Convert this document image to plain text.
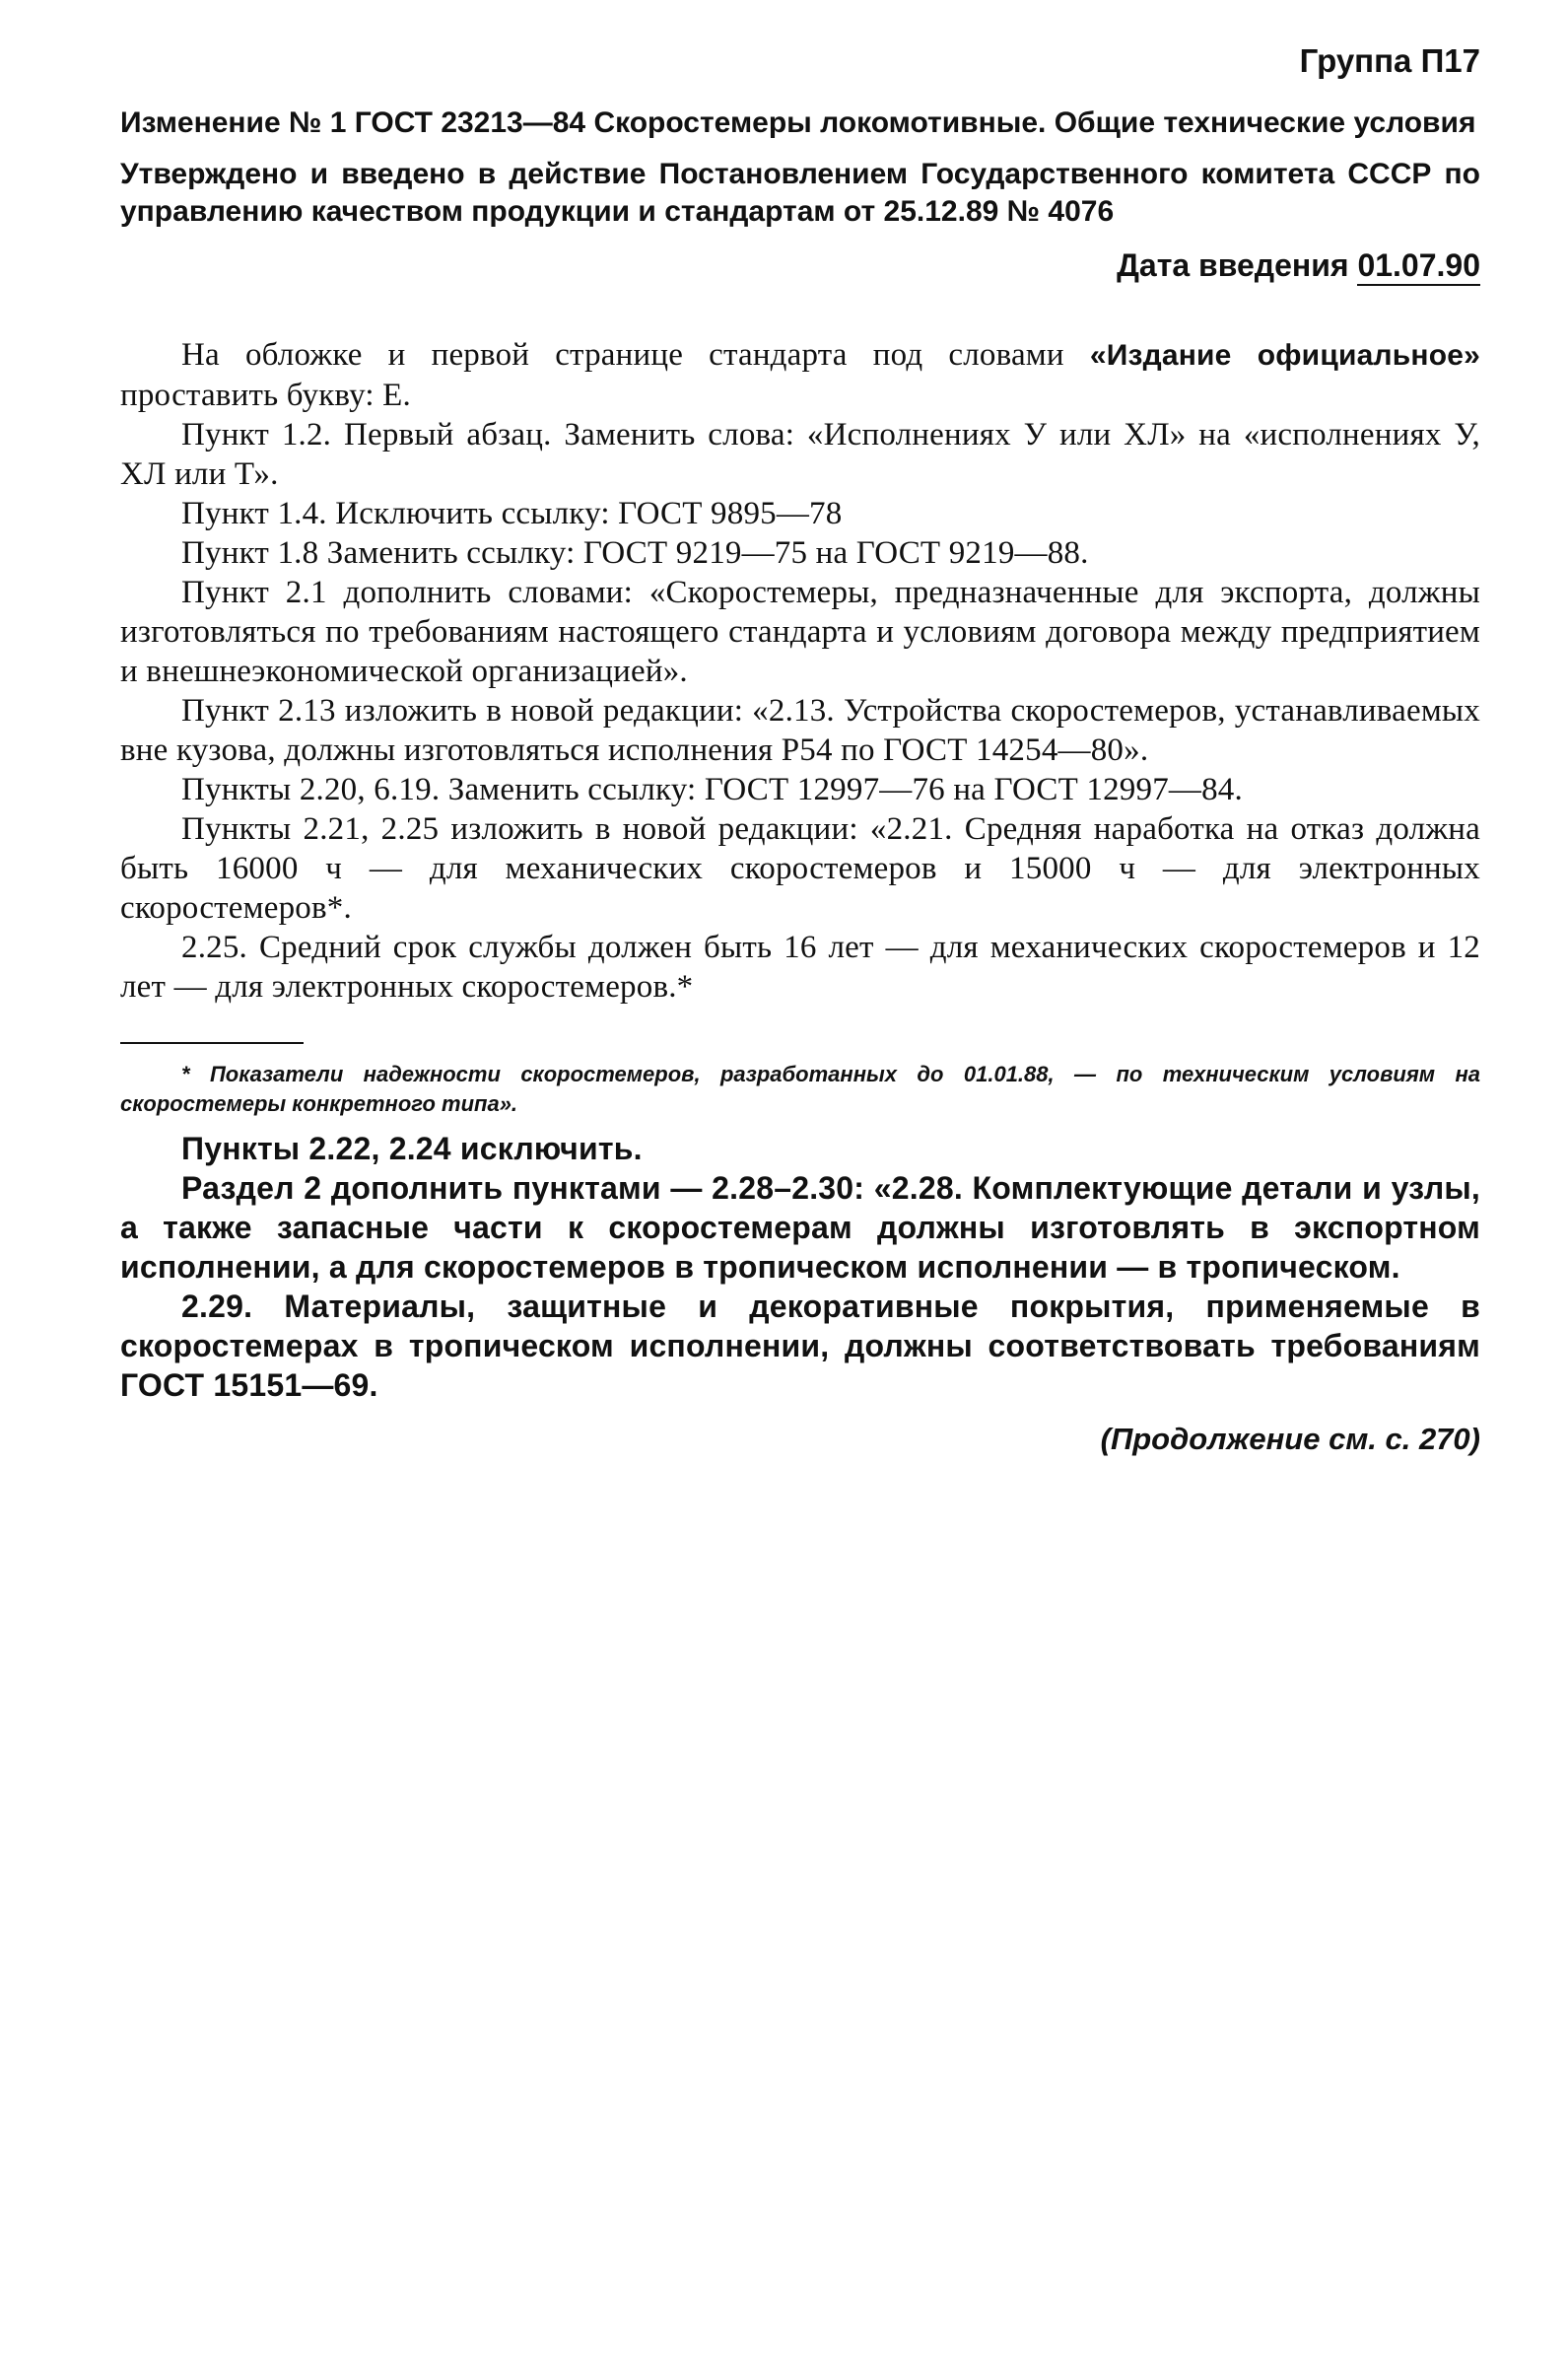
Группа П17

Изменение № 1 ГОСТ 23213—84 Скоростемеры локомотивные. Общие технические условия

Утверждено и введено в действие Постановлением Государственного комитета СССР по управлению качеством продукции и стандартам от 25.12.89 № 4076

Дата введения 01.07.90

На обложке и первой странице стандарта под словами «Издание официальное» проставить букву: Е.

Пункт 1.2. Первый абзац. Заменить слова: «Исполнениях У или ХЛ» на «исполнениях У, ХЛ или Т».

Пункт 1.4. Исключить ссылку: ГОСТ 9895—78

Пункт 1.8 Заменить ссылку: ГОСТ 9219—75 на ГОСТ 9219—88.

Пункт 2.1 дополнить словами: «Скоростемеры, предназначенные для экспорта, должны изготовляться по требованиям настоящего стандарта и условиям договора между предприятием и внешнеэкономической организацией».

Пункт 2.13 изложить в новой редакции: «2.13. Устройства скоростемеров, устанавливаемых вне кузова, должны изготовляться исполнения Р54 по ГОСТ 14254—80».

Пункты 2.20, 6.19. Заменить ссылку: ГОСТ 12997—76 на ГОСТ 12997—84.

Пункты 2.21, 2.25 изложить в новой редакции: «2.21. Средняя наработка на отказ должна быть 16000 ч — для механических скоростемеров и 15000 ч — для электронных скоростемеров*.

2.25. Средний срок службы должен быть 16 лет — для механических скоростемеров и 12 лет — для электронных скоростемеров.*

* Показатели надежности скоростемеров, разработанных до 01.01.88, — по техническим условиям на скоростемеры конкретного типа».

Пункты 2.22, 2.24 исключить.

Раздел 2 дополнить пунктами — 2.28–2.30: «2.28. Комплектующие детали и узлы, а также запасные части к скоростемерам должны изготовлять в экспортном исполнении, а для скоростемеров в тропическом исполнении — в тропическом.

2.29. Материалы, защитные и декоративные покрытия, применяемые в скоростемерах в тропическом исполнении, должны соответствовать требованиям ГОСТ 15151—69.

(Продолжение см. с. 270)
